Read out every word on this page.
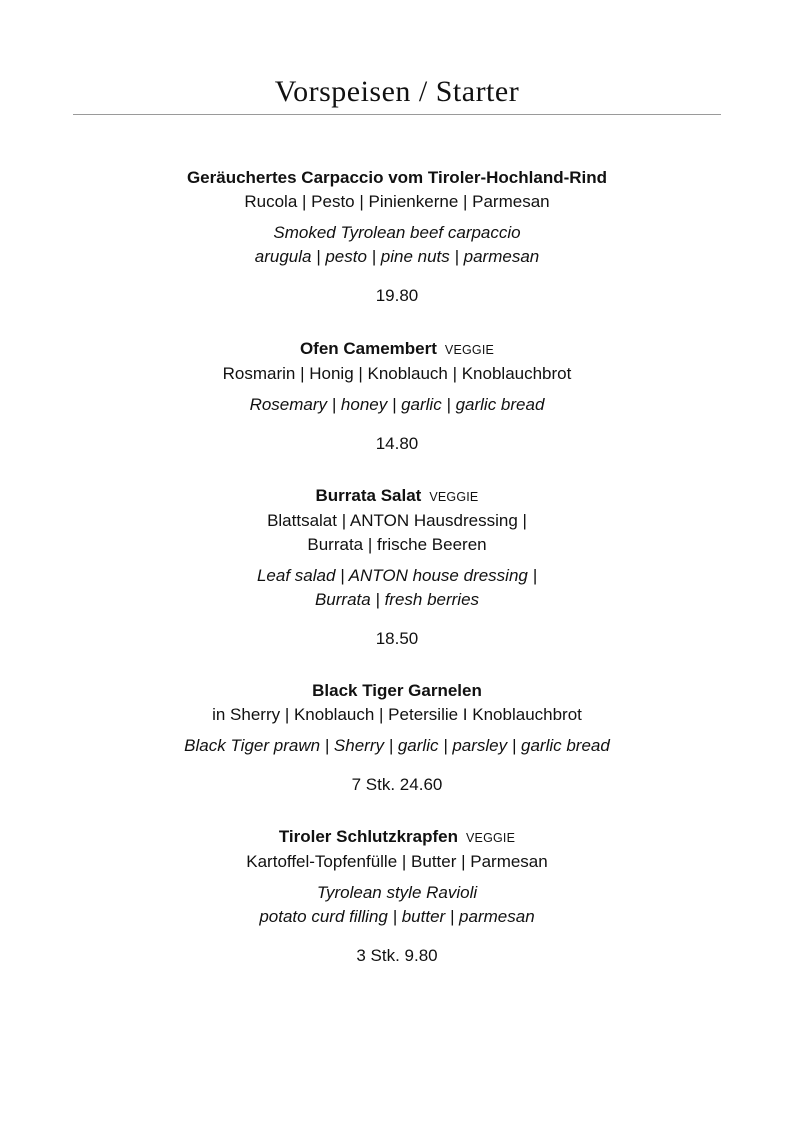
Vorspeisen / Starter
Geräuchertes Carpaccio vom Tiroler-Hochland-Rind
Rucola | Pesto | Pinienkerne | Parmesan
Smoked Tyrolean beef carpaccio
arugula | pesto | pine nuts | parmesan
19.80
Ofen Camembert VEGGIE
Rosmarin | Honig | Knoblauch | Knoblauchbrot
Rosemary | honey | garlic | garlic bread
14.80
Burrata Salat VEGGIE
Blattsalat | ANTON Hausdressing |
Burrata | frische Beeren
Leaf salad | ANTON house dressing |
Burrata | fresh berries
18.50
Black Tiger Garnelen
in Sherry | Knoblauch | Petersilie I Knoblauchbrot
Black Tiger prawn | Sherry | garlic | parsley | garlic bread
7 Stk. 24.60
Tiroler Schlutzkrapfen VEGGIE
Kartoffel-Topfenfülle | Butter | Parmesan
Tyrolean style Ravioli
potato curd filling | butter | parmesan
3 Stk. 9.80
